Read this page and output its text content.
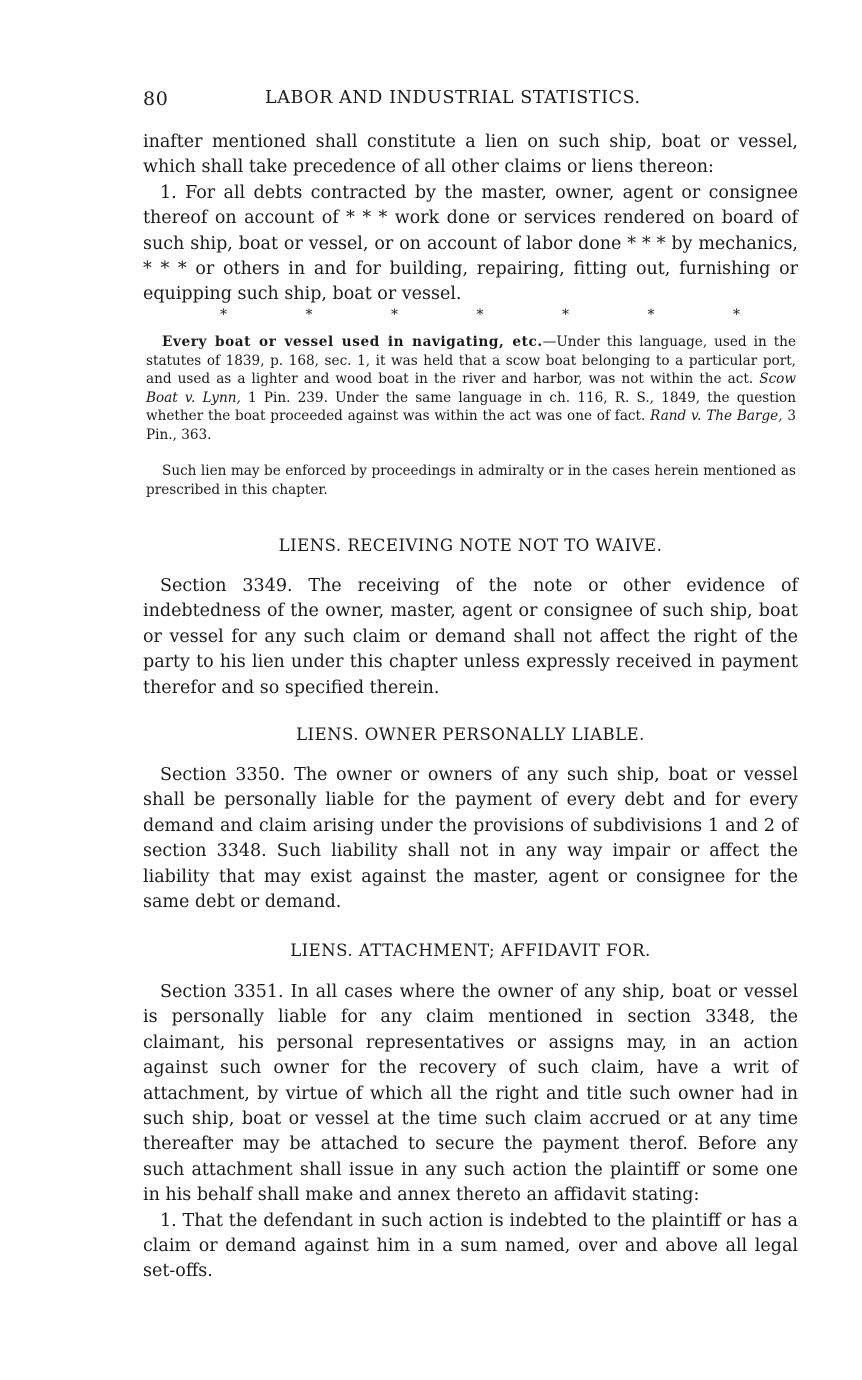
80	LABOR AND INDUSTRIAL STATISTICS.

inafter mentioned shall constitute a lien on such ship, boat or vessel, which shall take precedence of all other claims or liens thereon:

1. For all debts contracted by the master, owner, agent or consignee thereof on account of * * * work done or services rendered on board of such ship, boat or vessel, or on account of labor done * * * by mechanics, * * * or others in and for building, repairing, fitting out, furnishing or equipping such ship, boat or vessel.

*	*	*	*	*	*	*

Every boat or vessel used in navigating, etc.—Under this language, used in the statutes of 1839, p. 168, sec. 1, it was held that a scow boat belonging to a particular port, and used as a lighter and wood boat in the river and harbor, was not within the act. Scow Boat v. Lynn, 1 Pin. 239. Under the same language in ch. 116, R. S., 1849, the question whether the boat proceeded against was within the act was one of fact. Rand v. The Barge, 3 Pin., 363.

Such lien may be enforced by proceedings in admiralty or in the cases herein mentioned as prescribed in this chapter.

LIENS. RECEIVING NOTE NOT TO WAIVE.

Section 3349. The receiving of the note or other evidence of indebtedness of the owner, master, agent or consignee of such ship, boat or vessel for any such claim or demand shall not affect the right of the party to his lien under this chapter unless expressly received in payment therefor and so specified therein.

LIENS. OWNER PERSONALLY LIABLE.

Section 3350. The owner or owners of any such ship, boat or vessel shall be personally liable for the payment of every debt and for every demand and claim arising under the provisions of subdivisions 1 and 2 of section 3348. Such liability shall not in any way impair or affect the liability that may exist against the master, agent or consignee for the same debt or demand.

LIENS. ATTACHMENT; AFFIDAVIT FOR.

Section 3351. In all cases where the owner of any ship, boat or vessel is personally liable for any claim mentioned in section 3348, the claimant, his personal representatives or assigns may, in an action against such owner for the recovery of such claim, have a writ of attachment, by virtue of which all the right and title such owner had in such ship, boat or vessel at the time such claim accrued or at any time thereafter may be attached to secure the payment therof. Before any such attachment shall issue in any such action the plaintiff or some one in his behalf shall make and annex thereto an affidavit stating:

1. That the defendant in such action is indebted to the plaintiff or has a claim or demand against him in a sum named, over and above all legal set-offs.
